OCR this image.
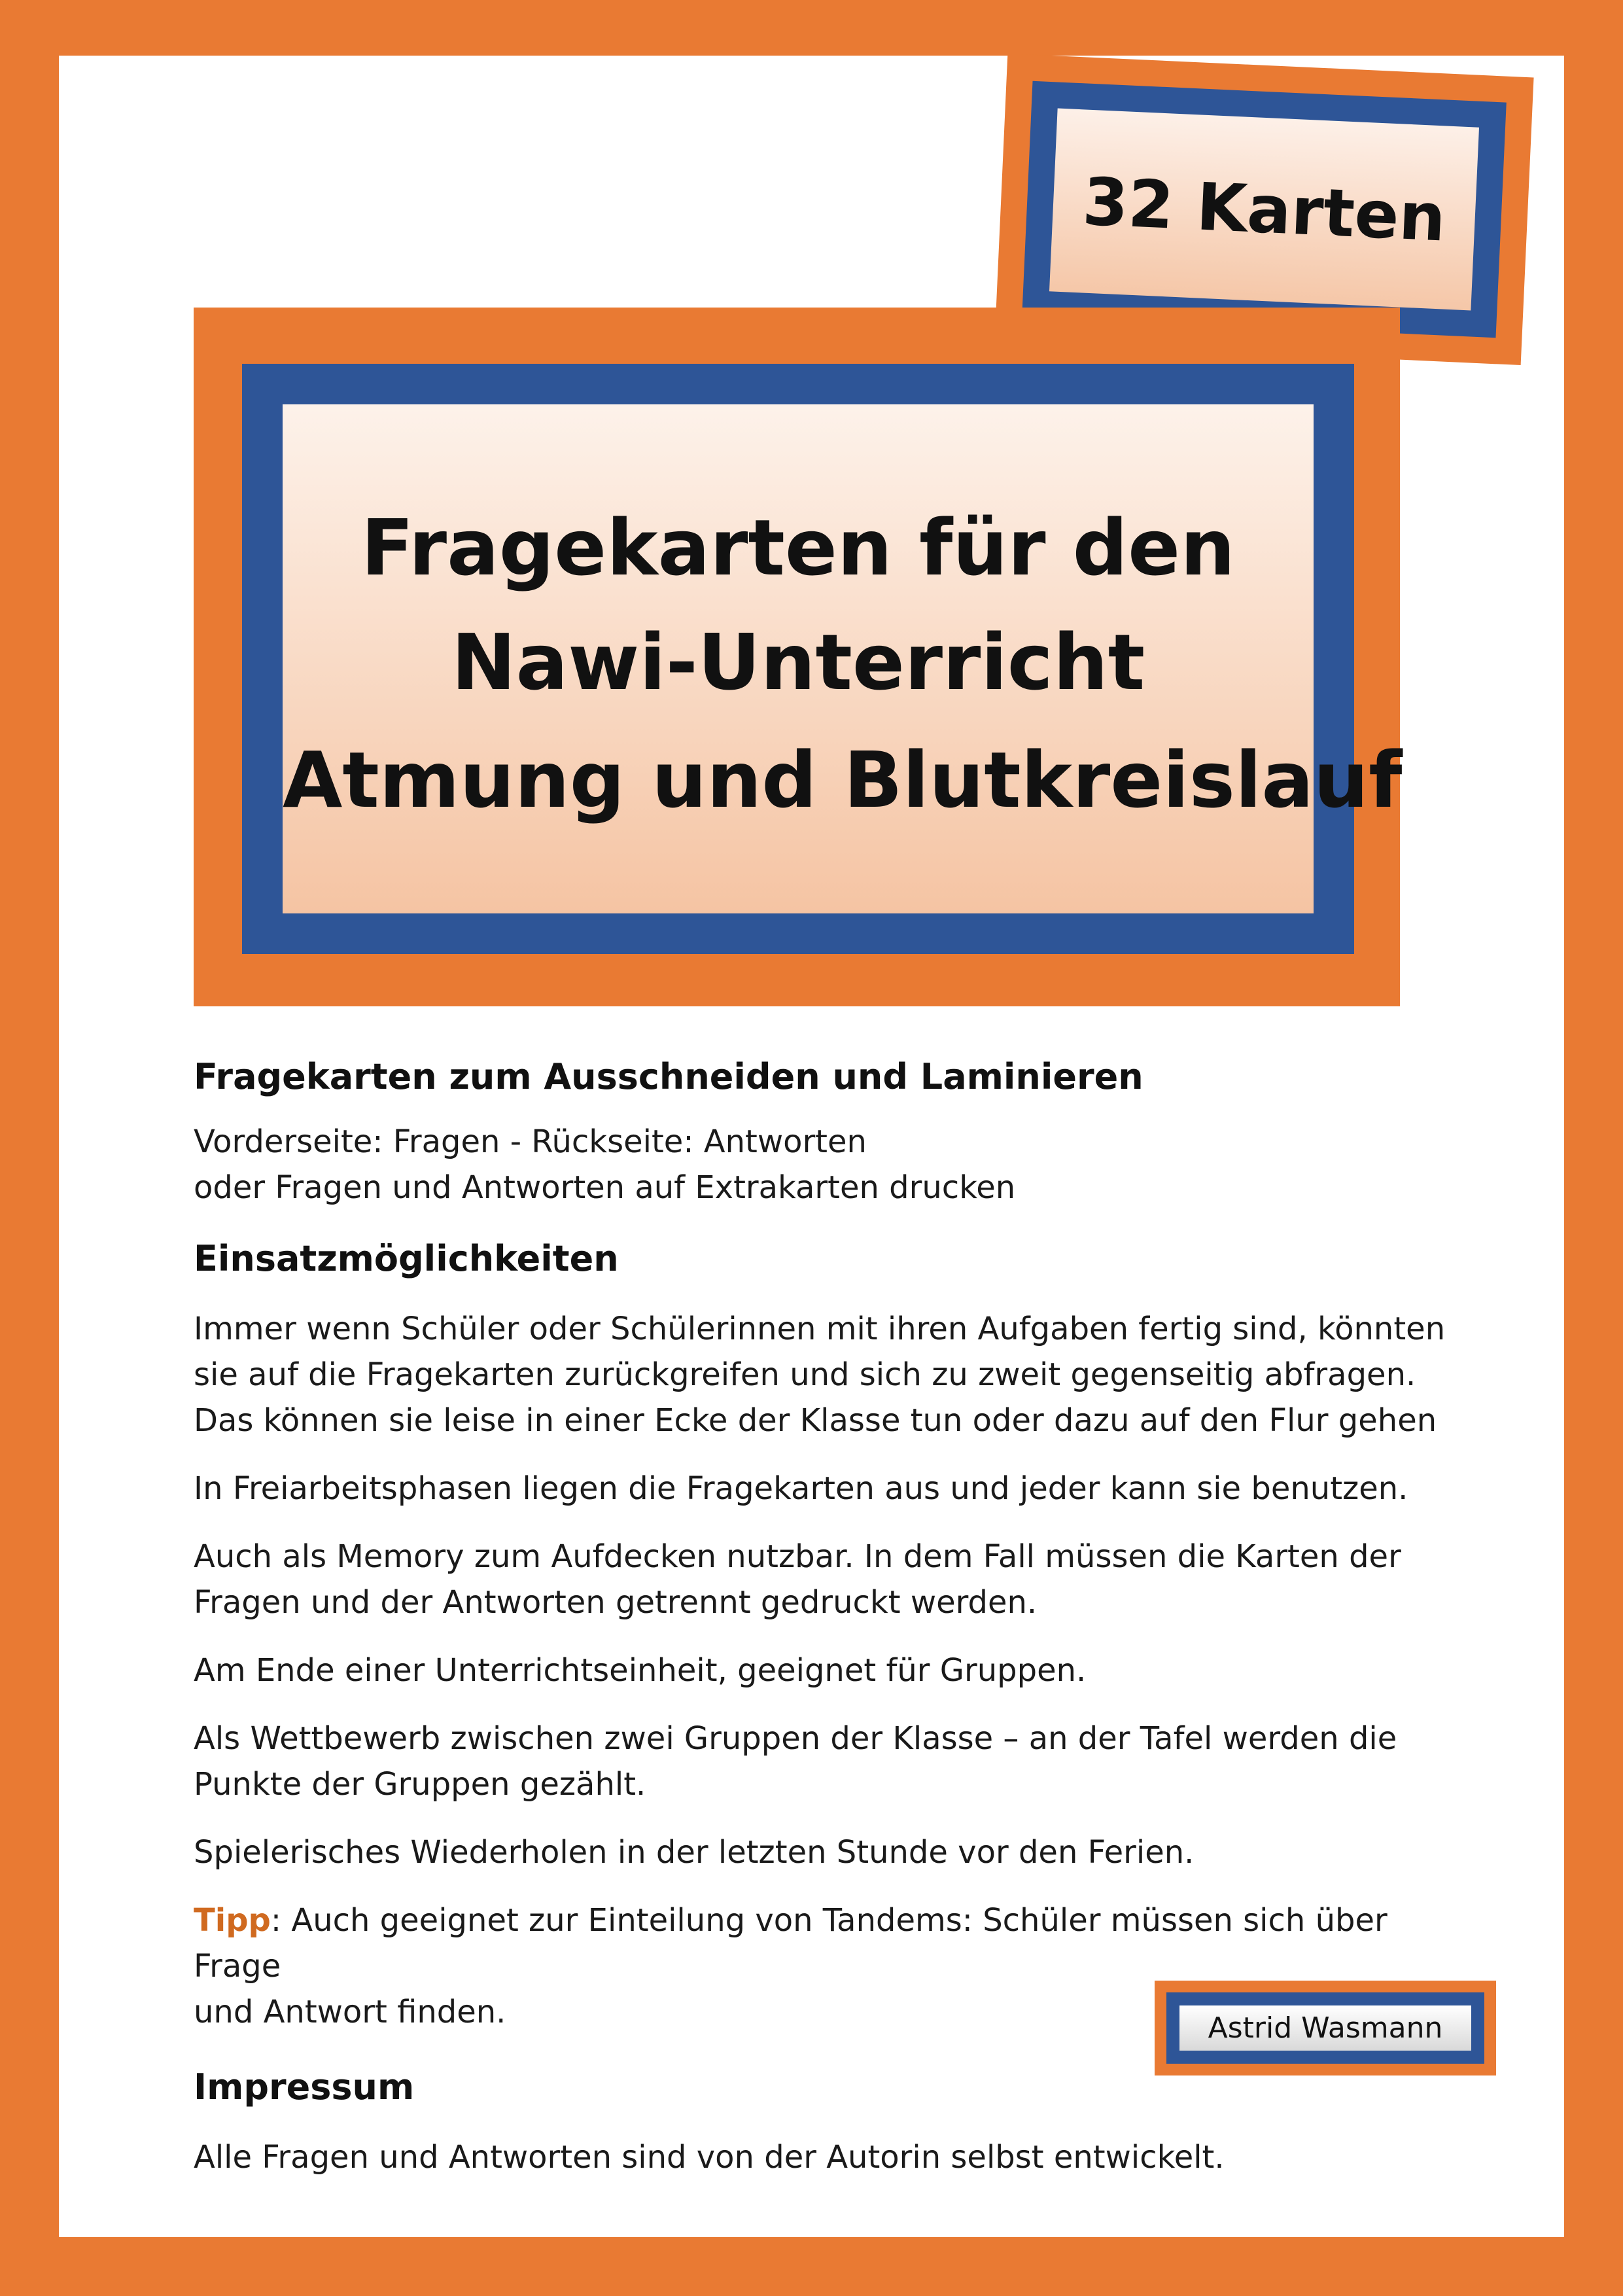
32 Karten
Fragekarten für den
Nawi-Unterricht
Atmung und Blutkreislauf
Fragekarten zum Ausschneiden und Laminieren

Vorderseite: Fragen - Rückseite: Antworten

oder Fragen und Antworten auf Extrakarten drucken

Einsatzmöglichkeiten

Immer wenn Schüler oder Schülerinnen mit ihren Aufgaben fertig sind, könnten

sie auf die Fragekarten zurückgreifen und sich zu zweit gegenseitig abfragen.

Das können sie leise in einer Ecke der Klasse tun oder dazu auf den Flur gehen

In Freiarbeitsphasen liegen die Fragekarten aus und jeder kann sie benutzen.

Auch als Memory zum Aufdecken nutzbar. In dem Fall müssen die Karten der

Fragen und der Antworten getrennt gedruckt werden.

Am Ende einer Unterrichtseinheit, geeignet für Gruppen.

Als Wettbewerb zwischen zwei Gruppen der Klasse – an der Tafel werden die

Punkte der Gruppen gezählt.

Spielerisches Wiederholen in der letzten Stunde vor den Ferien.

Tipp: Auch geeignet zur Einteilung von Tandems: Schüler müssen sich über Frage

und Antwort finden.

Impressum

Alle Fragen und Antworten sind von der Autorin selbst entwickelt.

Astrid Wasmann
